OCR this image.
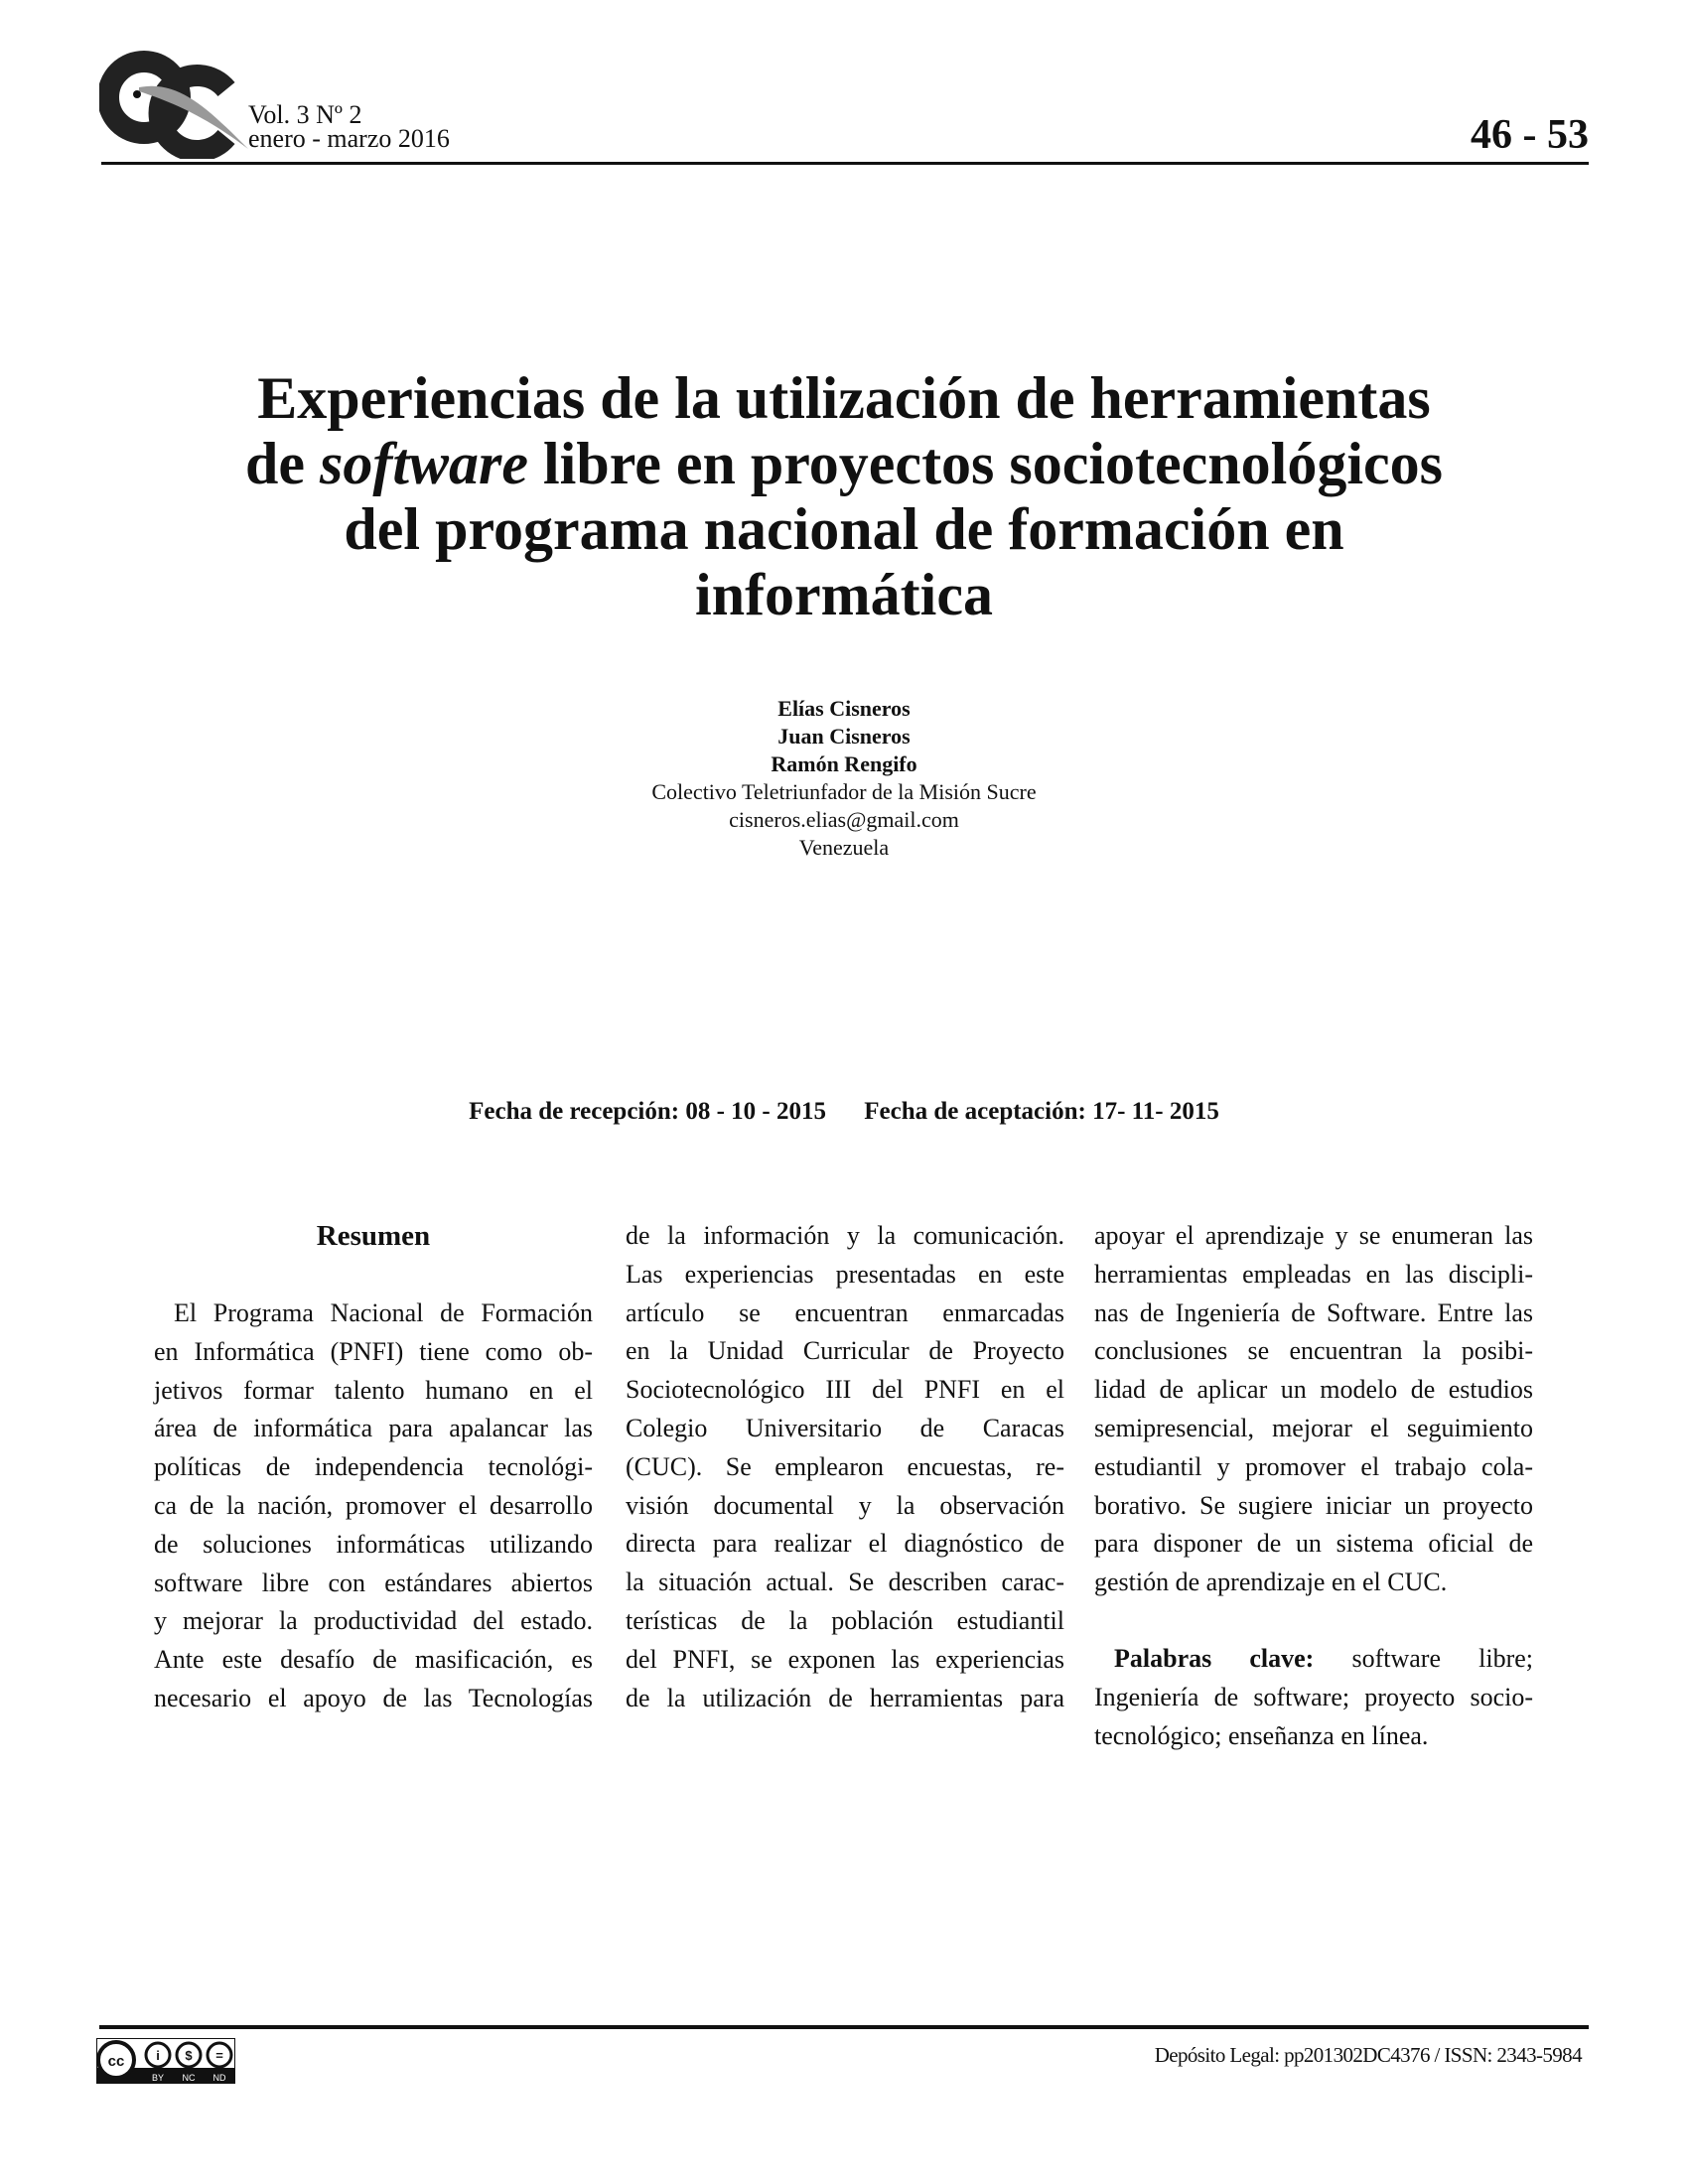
Vol. 3 Nº 2
enero - marzo 2016	46 - 53
Experiencias de la utilización de herramientas
de software libre en proyectos sociotecnológicos
del programa nacional de formación en
informática
Elías Cisneros
Juan Cisneros
Ramón Rengifo
Colectivo Teletriunfador de la Misión Sucre
cisneros.elias@gmail.com
Venezuela
Fecha de recepción: 08 - 10 - 2015 Fecha de aceptación: 17- 11- 2015
Resumen
El Programa Nacional de Formación
en Informática (PNFI) tiene como ob-
jetivos formar talento humano en el
área de informática para apalancar las
políticas de independencia tecnológi-
ca de la nación, promover el desarrollo
de soluciones informáticas utilizando
software libre con estándares abiertos
y mejorar la productividad del estado.
Ante este desafío de masificación, es
necesario el apoyo de las Tecnologías
de la información y la comunicación.
Las experiencias presentadas en este
artículo se encuentran enmarcadas
en la Unidad Curricular de Proyecto
Sociotecnológico III del PNFI en el
Colegio Universitario de Caracas
(CUC). Se emplearon encuestas, re-
visión documental y la observación
directa para realizar el diagnóstico de
la situación actual. Se describen carac-
terísticas de la población estudiantil
del PNFI, se exponen las experiencias
de la utilización de herramientas para
apoyar el aprendizaje y se enumeran las
herramientas empleadas en las discipli-
nas de Ingeniería de Software. Entre las
conclusiones se encuentran la posibi-
lidad de aplicar un modelo de estudios
semipresencial, mejorar el seguimiento
estudiantil y promover el trabajo cola-
borativo. Se sugiere iniciar un proyecto
para disponer de un sistema oficial de
gestión de aprendizaje en el CUC.
Palabras clave: software libre;
Ingeniería de software; proyecto socio-
tecnológico; enseñanza en línea.
cc i $ =
BY NC ND
Depósito Legal: pp201302DC4376 / ISSN: 2343-5984
